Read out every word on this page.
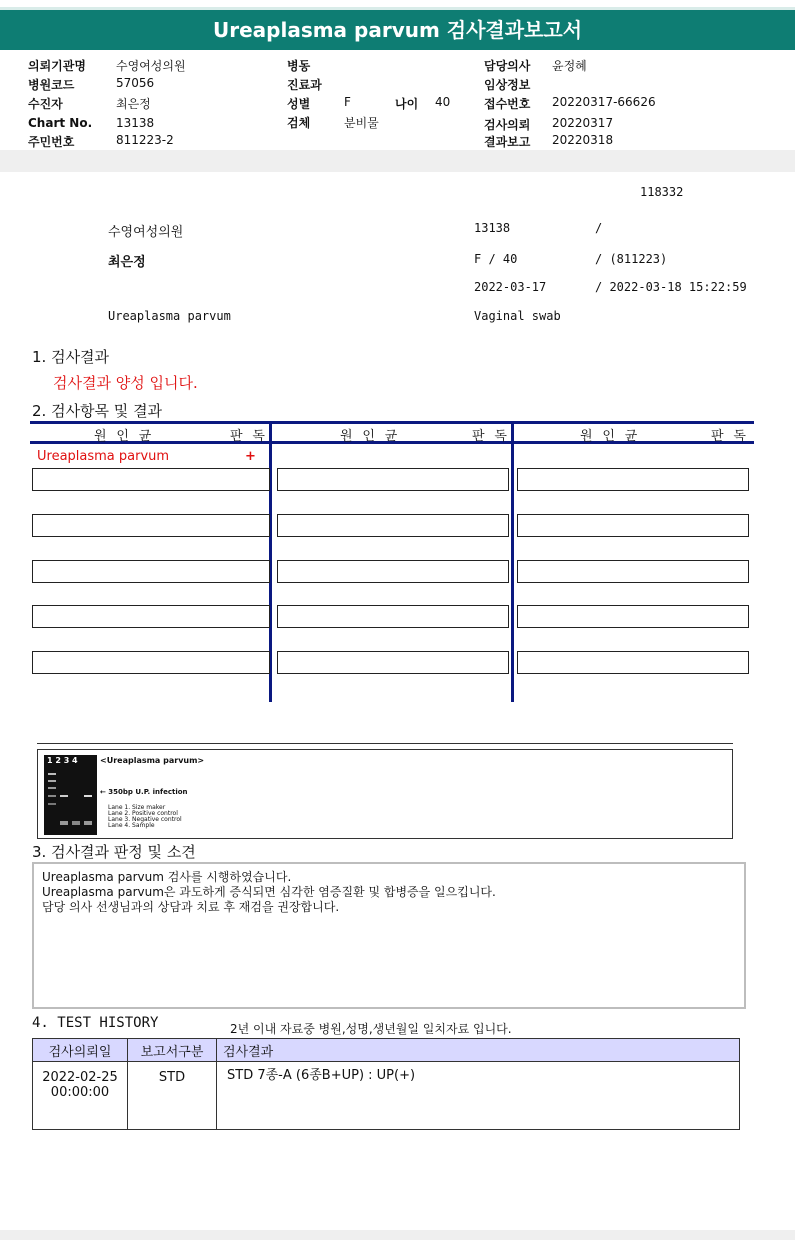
Ureaplasma parvum 검사결과보고서
의뢰기관명	수영여성의원
병원코드	57056
수진자	최은정
Chart No. 13138
주민번호	811223-2
병동
진료과
성별	F	나이 40
검체	분비물
담당의사 윤정혜
임상정보
접수번호 20220317-66626
검사의뢰 20220317
결과보고 20220318
118332
수영여성의원	13138	/
최은정	F / 40	/ (811223)
2022-03-17	/ 2022-03-18 15:22:59
Ureaplasma parvum	Vaginal swab
1. 검사결과
검사결과 양성 입니다.
2. 검사항목 및 결과
원 인 균	판 독	원 인 균	판 독	원 인 균	판 독
Ureaplasma parvum	+
1 2 3 4	<Ureaplasma parvum>
← 350bp U.P. infection
Lane 1. Size maker
Lane 2. Positive control
Lane 3. Negative control
Lane 4. Sample
3. 검사결과 판정 및 소견
Ureaplasma parvum 검사를 시행하였습니다.
Ureaplasma parvum은 과도하게 증식되면 심각한 염증질환 및 합병증을 일으킵니다.
담당 의사 선생님과의 상담과 치료 후 재검을 권장합니다.
4. TEST HISTORY	2년 이내 자료중 병원,성명,생년월일 일치자료 입니다.
검사의뢰일	보고서구분	검사결과

2022-02-25
00:00:00	STD	STD 7종-A (6종B+UP) : UP(+)
